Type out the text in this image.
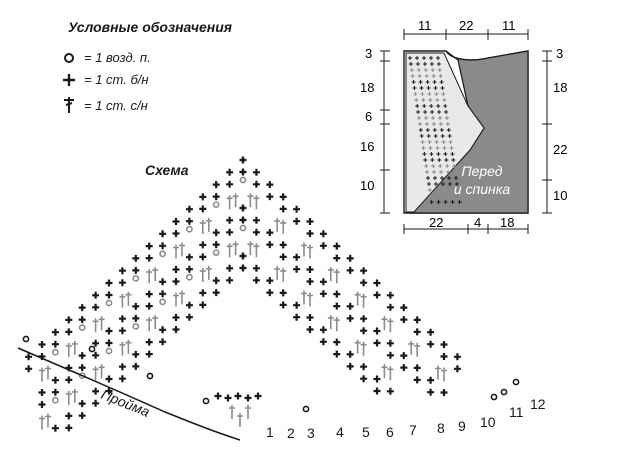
Условные обозначения
= 1 возд. п.
= 1 ст. б/н
= 1 ст. с/н
Схема
Пройма
1 2 3 4 5 6 7 8 9 10
11 12
Перед
и спинка
11 22 11
22 4 18
3
18
6
16
10
3
18
22
10
